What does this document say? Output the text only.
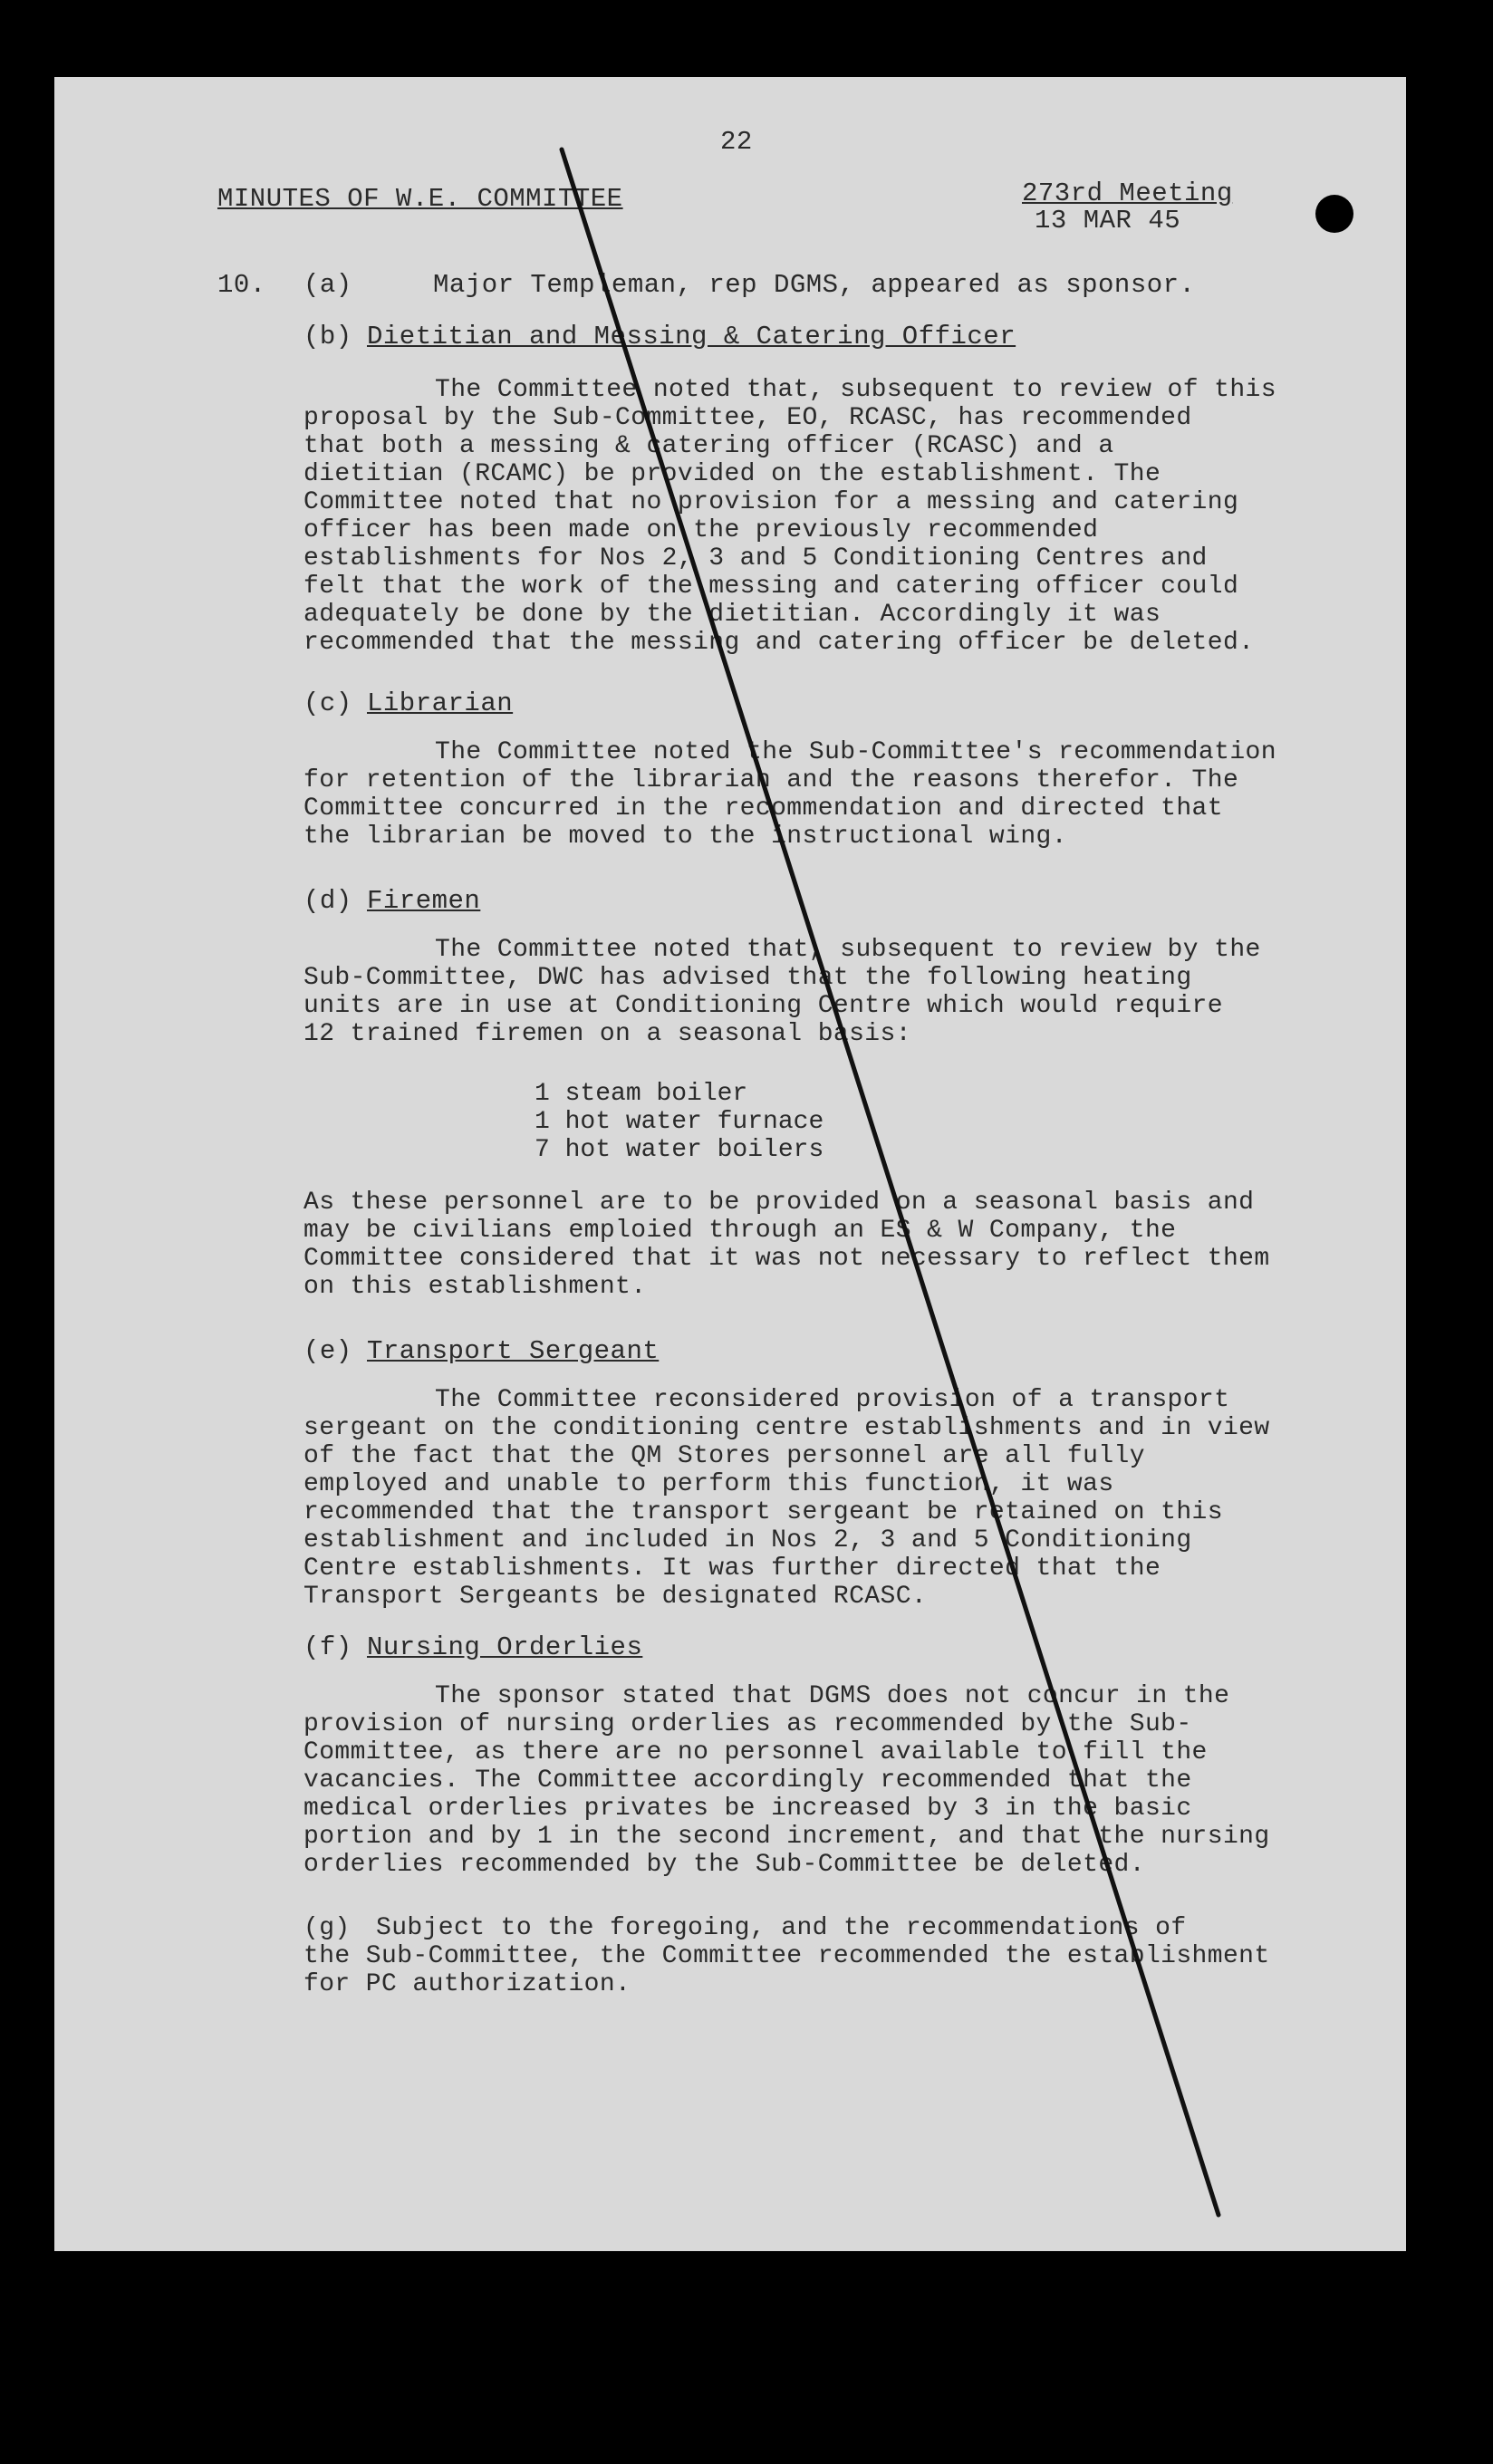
22
MINUTES OF W.E. COMMITTEE	273rd Meeting
13 MAR 45
10. (a)	Major Templeman, rep DGMS, appeared as sponsor.
(b) Dietitian and Messing & Catering Officer
The Committee noted that, subsequent to review of this
proposal by the Sub-Committee, EO, RCASC, has recommended
that both a messing & catering officer (RCASC) and a
dietitian (RCAMC) be provided on the establishment. The
Committee noted that no provision for a messing and catering
officer has been made on the previously recommended
establishments for Nos 2, 3 and 5 Conditioning Centres and
felt that the work of the messing and catering officer could
adequately be done by the dietitian. Accordingly it was
recommended that the messing and catering officer be deleted.
(c) Librarian
The Committee noted the Sub-Committee's recommendation
for retention of the librarian and the reasons therefor. The
Committee concurred in the recommendation and directed that
the librarian be moved to the instructional wing.
(d) Firemen
The Committee noted that, subsequent to review by the
Sub-Committee, DWC has advised that the following heating
units are in use at Conditioning Centre which would require
12 trained firemen on a seasonal basis:
1 steam boiler
1 hot water furnace
7 hot water boilers
As these personnel are to be provided on a seasonal basis and
may be civilians emploied through an ES & W Company, the
Committee considered that it was not necessary to reflect them
on this establishment.
(e) Transport Sergeant
The Committee reconsidered provision of a transport
sergeant on the conditioning centre establishments and in view
of the fact that the QM Stores personnel are all fully
employed and unable to perform this function, it was
recommended that the transport sergeant be retained on this
establishment and included in Nos 2, 3 and 5 Conditioning
Centre establishments. It was further directed that the
Transport Sergeants be designated RCASC.
(f) Nursing Orderlies
The sponsor stated that DGMS does not concur in the
provision of nursing orderlies as recommended by the Sub-
Committee, as there are no personnel available to fill the
vacancies. The Committee accordingly recommended that the
medical orderlies privates be increased by 3 in the basic
portion and by 1 in the second increment, and that the nursing
orderlies recommended by the Sub-Committee be deleted.
(g) Subject to the foregoing, and the recommendations of
the Sub-Committee, the Committee recommended the establishment
for PC authorization.
